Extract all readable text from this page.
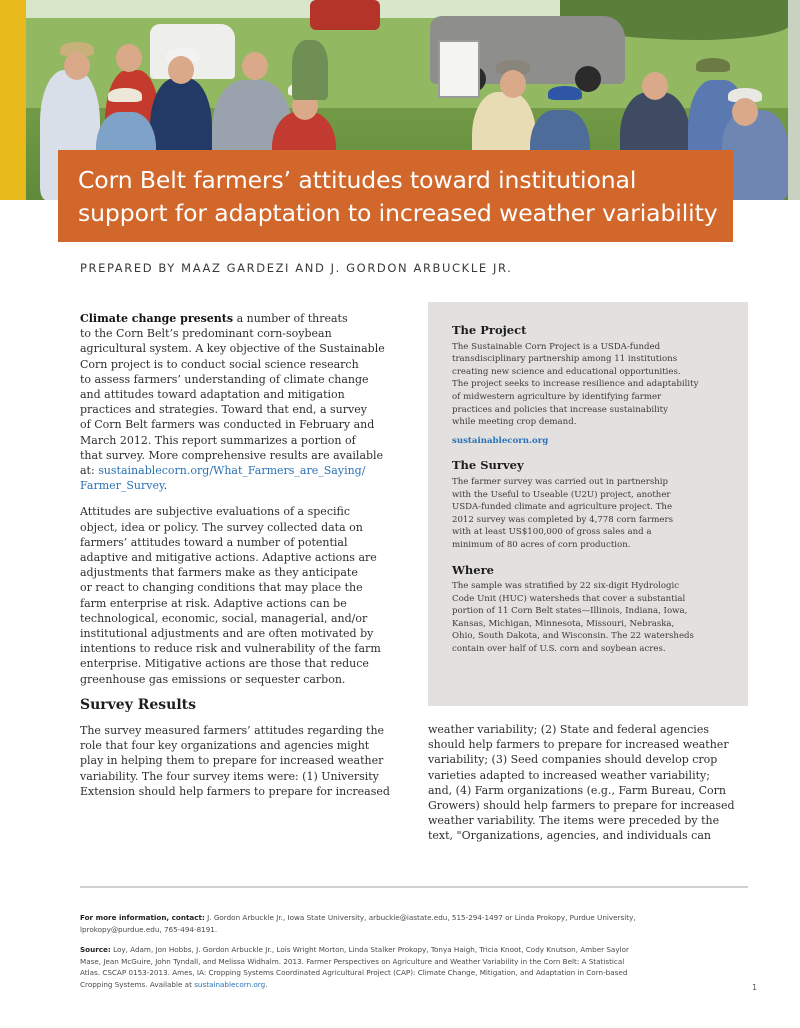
Corn Belt farmers’ attitudes toward institutional
support for adaptation to increased weather variability
PREPARED BY MAAZ GARDEZI AND J. GORDON ARBUCKLE JR.

Climate change presents a number of threats
to the Corn Belt’s predominant corn-soybean
agricultural system. A key objective of the Sustainable
Corn project is to conduct social science research
to assess farmers’ understanding of climate change
and attitudes toward adaptation and mitigation
practices and strategies. Toward that end, a survey
of Corn Belt farmers was conducted in February and
March 2012. This report summarizes a portion of
that survey. More comprehensive results are available
at: sustainablecorn.org/What_Farmers_are_Saying/
Farmer_Survey.

Attitudes are subjective evaluations of a specific
object, idea or policy. The survey collected data on
farmers’ attitudes toward a number of potential
adaptive and mitigative actions. Adaptive actions are
adjustments that farmers make as they anticipate
or react to changing conditions that may place the
farm enterprise at risk. Adaptive actions can be
technological, economic, social, managerial, and/or
institutional adjustments and are often motivated by
intentions to reduce risk and vulnerability of the farm
enterprise. Mitigative actions are those that reduce
greenhouse gas emissions or sequester carbon.

Survey Results

The survey measured farmers’ attitudes regarding the
role that four key organizations and agencies might
play in helping them to prepare for increased weather
variability. The four survey items were: (1) University
Extension should help farmers to prepare for increased

The Project
The Sustainable Corn Project is a USDA-funded
transdisciplinary partnership among 11 institutions
creating new science and educational opportunities.
The project seeks to increase resilience and adaptability
of midwestern agriculture by identifying farmer
practices and policies that increase sustainability
while meeting crop demand.
sustainablecorn.org
The Survey
The farmer survey was carried out in partnership
with the Useful to Useable (U2U) project, another
USDA-funded climate and agriculture project. The
2012 survey was completed by 4,778 corn farmers
with at least US$100,000 of gross sales and a
minimum of 80 acres of corn production.
Where
The sample was stratified by 22 six-digit Hydrologic
Code Unit (HUC) watersheds that cover a substantial
portion of 11 Corn Belt states—Illinois, Indiana, Iowa,
Kansas, Michigan, Minnesota, Missouri, Nebraska,
Ohio, South Dakota, and Wisconsin. The 22 watersheds
contain over half of U.S. corn and soybean acres.

weather variability; (2) State and federal agencies
should help farmers to prepare for increased weather
variability; (3) Seed companies should develop crop
varieties adapted to increased weather variability;
and, (4) Farm organizations (e.g., Farm Bureau, Corn
Growers) should help farmers to prepare for increased
weather variability. The items were preceded by the
text, "Organizations, agencies, and individuals can

For more information, contact: J. Gordon Arbuckle Jr., Iowa State University, arbuckle@iastate.edu, 515-294-1497 or Linda Prokopy, Purdue University,
lprokopy@purdue.edu, 765-494-8191.
Source: Loy, Adam, Jon Hobbs, J. Gordon Arbuckle Jr., Lois Wright Morton, Linda Stalker Prokopy, Tonya Haigh, Tricia Knoot, Cody Knutson, Amber Saylor
Mase, Jean McGuire, John Tyndall, and Melissa Widhalm. 2013. Farmer Perspectives on Agriculture and Weather Variability in the Corn Belt: A Statistical
Atlas. CSCAP 0153-2013. Ames, IA: Cropping Systems Coordinated Agricultural Project (CAP): Climate Change, Mitigation, and Adaptation in Corn-based
Cropping Systems. Available at sustainablecorn.org.	1
